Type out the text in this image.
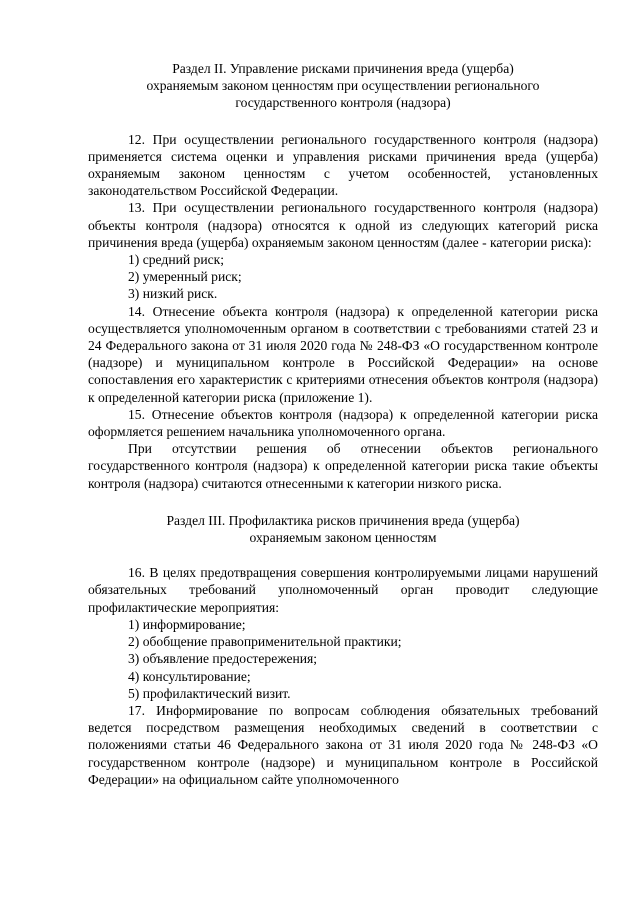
Раздел II. Управление рисками причинения вреда (ущерба)
охраняемым законом ценностям при осуществлении регионального
государственного контроля (надзора)

12. При осуществлении регионального государственного контроля (надзора) применяется система оценки и управления рисками причинения вреда (ущерба) охраняемым законом ценностям с учетом особенностей, установленных законодательством Российской Федерации.

13. При осуществлении регионального государственного контроля (надзора) объекты контроля (надзора) относятся к одной из следующих категорий риска причинения вреда (ущерба) охраняемым законом ценностям (далее - категории риска):

1) средний риск;

2) умеренный риск;

3) низкий риск.

14. Отнесение объекта контроля (надзора) к определенной категории риска осуществляется уполномоченным органом в соответствии с требованиями статей 23 и 24 Федерального закона от 31 июля 2020 года № 248-ФЗ «О государственном контроле (надзоре) и муниципальном контроле в Российской Федерации» на основе сопоставления его характеристик с критериями отнесения объектов контроля (надзора) к определенной категории риска (приложение 1).

15. Отнесение объектов контроля (надзора) к определенной категории риска оформляется решением начальника уполномоченного органа.

При отсутствии решения об отнесении объектов регионального государственного контроля (надзора) к определенной категории риска такие объекты контроля (надзора) считаются отнесенными к категории низкого риска.

Раздел III. Профилактика рисков причинения вреда (ущерба)
охраняемым законом ценностям

16. В целях предотвращения совершения контролируемыми лицами нарушений обязательных требований уполномоченный орган проводит следующие профилактические мероприятия:

1) информирование;

2) обобщение правоприменительной практики;

3) объявление предостережения;

4) консультирование;

5) профилактический визит.

17. Информирование по вопросам соблюдения обязательных требований ведется посредством размещения необходимых сведений в соответствии с положениями статьи 46 Федерального закона от 31 июля 2020 года № 248-ФЗ «О государственном контроле (надзоре) и муниципальном контроле в Российской Федерации» на официальном сайте уполномоченного
